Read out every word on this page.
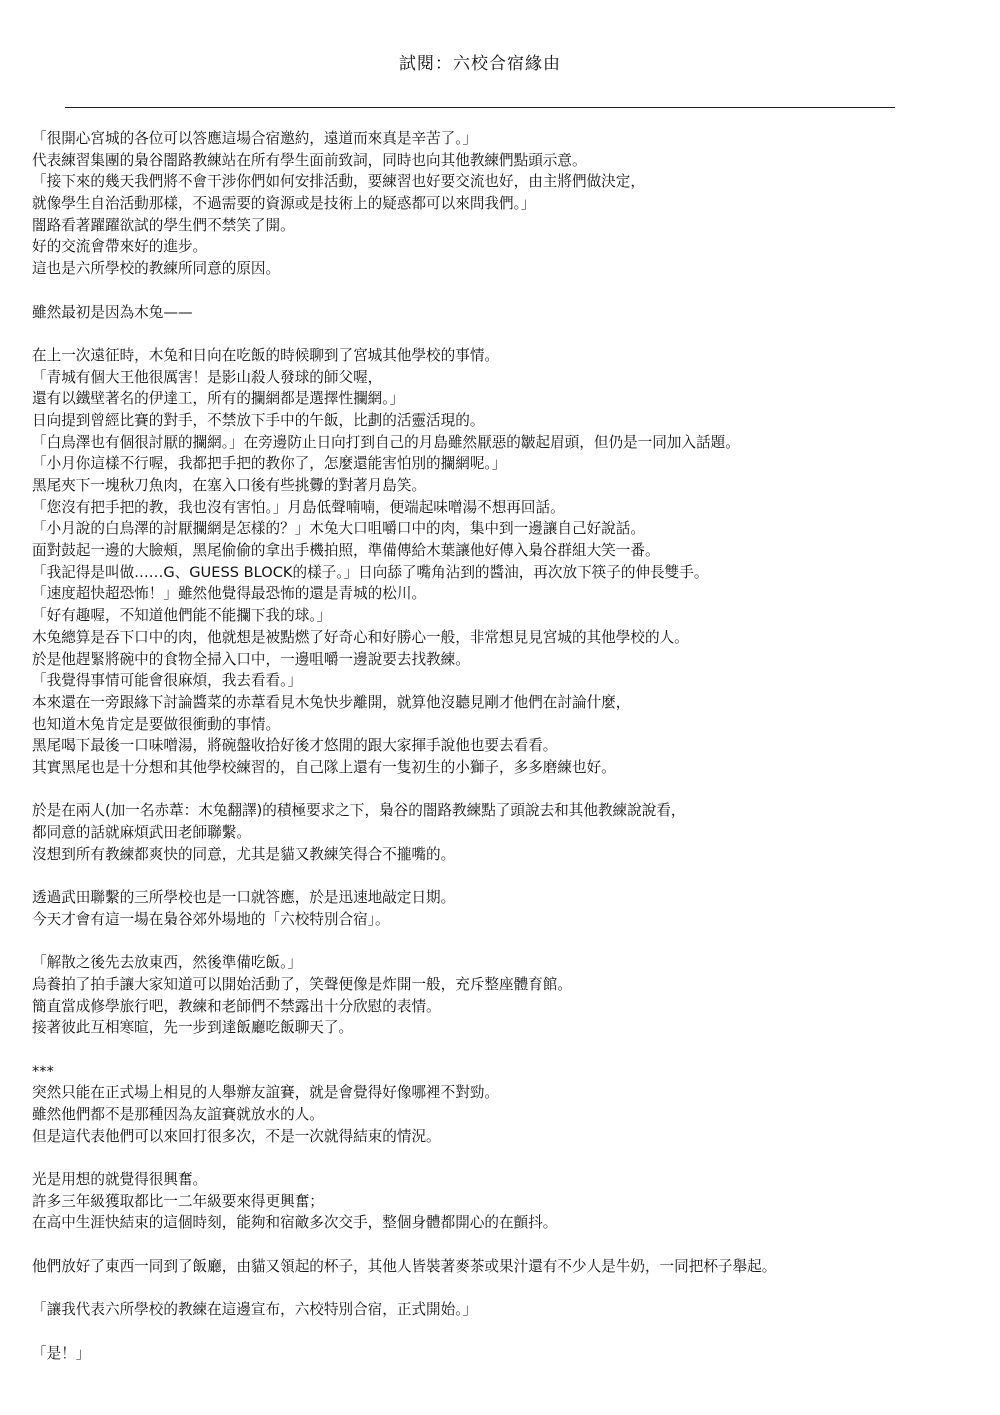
試閱：六校合宿緣由
「很開心宮城的各位可以答應這場合宿邀約，遠道而來真是辛苦了。」
代表練習集團的梟谷闇路教練站在所有學生面前致詞，同時也向其他教練們點頭示意。
「接下來的幾天我們將不會干涉你們如何安排活動，要練習也好要交流也好，由主將們做決定，
就像學生自治活動那樣，不過需要的資源或是技術上的疑惑都可以來問我們。」
闇路看著躍躍欲試的學生們不禁笑了開。
好的交流會帶來好的進步。
這也是六所學校的教練所同意的原因。
雖然最初是因為木兔——
在上一次遠征時，木兔和日向在吃飯的時候聊到了宮城其他學校的事情。
「青城有個大王他很厲害！是影山殺人發球的師父喔，
還有以鐵壁著名的伊達工，所有的攔網都是選擇性攔網。」
日向提到曾經比賽的對手，不禁放下手中的午飯，比劃的活靈活現的。
「白鳥澤也有個很討厭的攔網。」在旁邊防止日向打到自己的月島雖然厭惡的皺起眉頭，但仍是一同加入話題。
「小月你這樣不行喔，我都把手把的教你了，怎麼還能害怕別的攔網呢。」
黑尾夾下一塊秋刀魚肉，在塞入口後有些挑釁的對著月島笑。
「您沒有把手把的教，我也沒有害怕。」月島低聲喃喃，便端起味噌湯不想再回話。
「小月說的白鳥澤的討厭攔網是怎樣的？」木兔大口咀嚼口中的肉，集中到一邊讓自己好說話。
面對鼓起一邊的大臉頰，黑尾偷偷的拿出手機拍照，準備傳給木葉讓他好傳入梟谷群組大笑一番。
「我記得是叫做……G、GUESS BLOCK的樣子。」日向舔了嘴角沾到的醬油，再次放下筷子的伸長雙手。
「速度超快超恐怖！」雖然他覺得最恐怖的還是青城的松川。
「好有趣喔，不知道他們能不能攔下我的球。」
木兔總算是吞下口中的肉，他就想是被點燃了好奇心和好勝心一般，非常想見見宮城的其他學校的人。
於是他趕緊將碗中的食物全掃入口中，一邊咀嚼一邊說要去找教練。
「我覺得事情可能會很麻煩，我去看看。」
本來還在一旁跟緣下討論醬菜的赤葦看見木兔快步離開，就算他沒聽見剛才他們在討論什麼，
也知道木兔肯定是要做很衝動的事情。
黑尾喝下最後一口味噌湯，將碗盤收拾好後才悠閒的跟大家揮手說他也要去看看。
其實黑尾也是十分想和其他學校練習的，自己隊上還有一隻初生的小獅子，多多磨練也好。
於是在兩人(加一名赤葦：木兔翻譯)的積極要求之下，梟谷的闇路教練點了頭說去和其他教練說說看，
都同意的話就麻煩武田老師聯繫。
沒想到所有教練都爽快的同意，尤其是貓又教練笑得合不攏嘴的。
透過武田聯繫的三所學校也是一口就答應，於是迅速地敲定日期。
今天才會有這一場在梟谷郊外場地的「六校特別合宿」。
「解散之後先去放東西，然後準備吃飯。」
烏養拍了拍手讓大家知道可以開始活動了，笑聲便像是炸開一般，充斥整座體育館。
簡直當成修學旅行吧，教練和老師們不禁露出十分欣慰的表情。
接著彼此互相寒暄，先一步到達飯廳吃飯聊天了。
***
突然只能在正式場上相見的人舉辦友誼賽，就是會覺得好像哪裡不對勁。
雖然他們都不是那種因為友誼賽就放水的人。
但是這代表他們可以來回打很多次，不是一次就得結束的情況。
光是用想的就覺得很興奮。
許多三年級獲取都比一二年級要來得更興奮；
在高中生涯快結束的這個時刻，能夠和宿敵多次交手，整個身體都開心的在顫抖。
他們放好了東西一同到了飯廳，由貓又領起的杯子，其他人皆裝著麥茶或果汁還有不少人是牛奶，一同把杯子舉起。
「讓我代表六所學校的教練在這邊宣布，六校特別合宿，正式開始。」
「是！」
